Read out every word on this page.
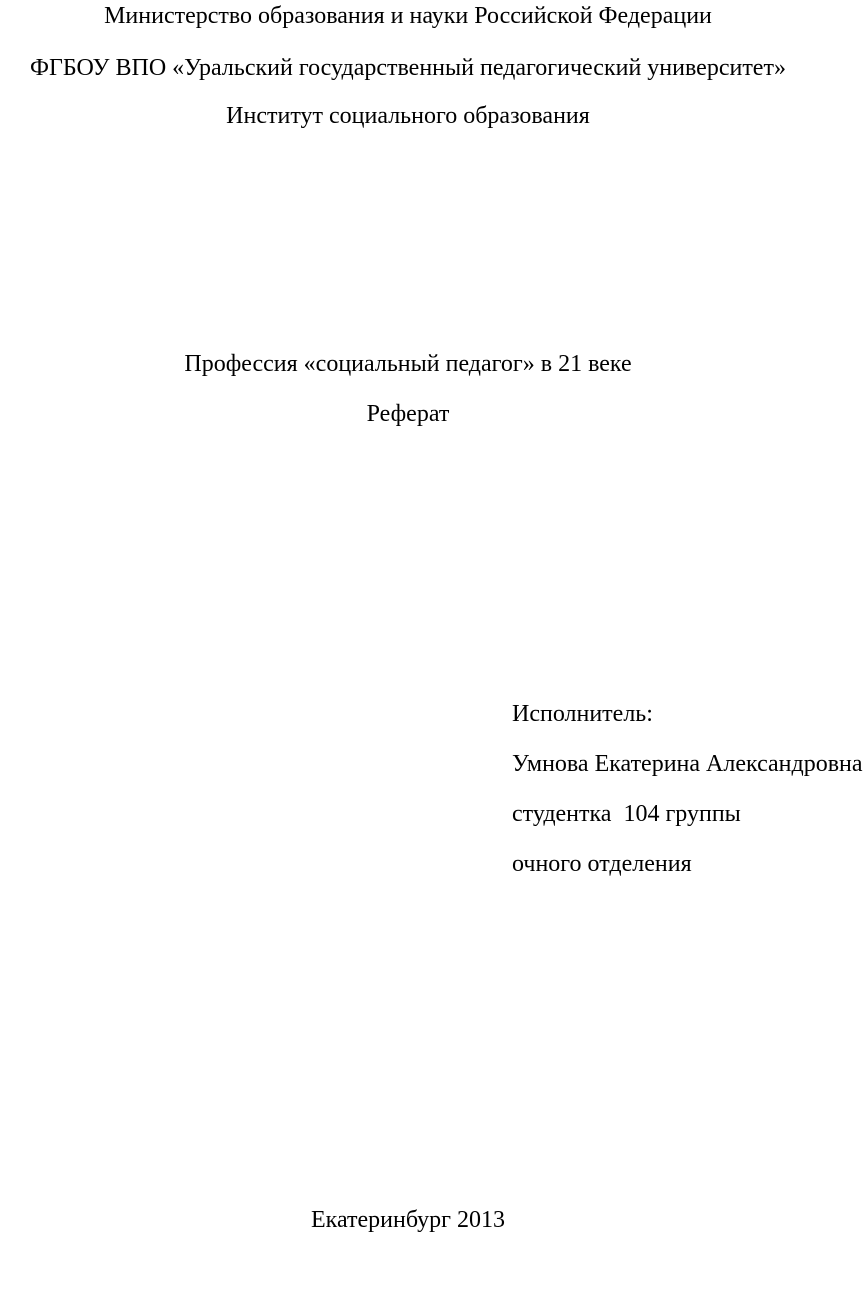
Министерство образования и науки Российской Федерации
ФГБОУ ВПО «Уральский государственный педагогический университет»
Институт социального образования
Профессия «социальный педагог» в 21 веке
Реферат
Исполнитель:
Умнова Екатерина Александровна
студентка  104 группы
очного отделения
Екатеринбург 2013
